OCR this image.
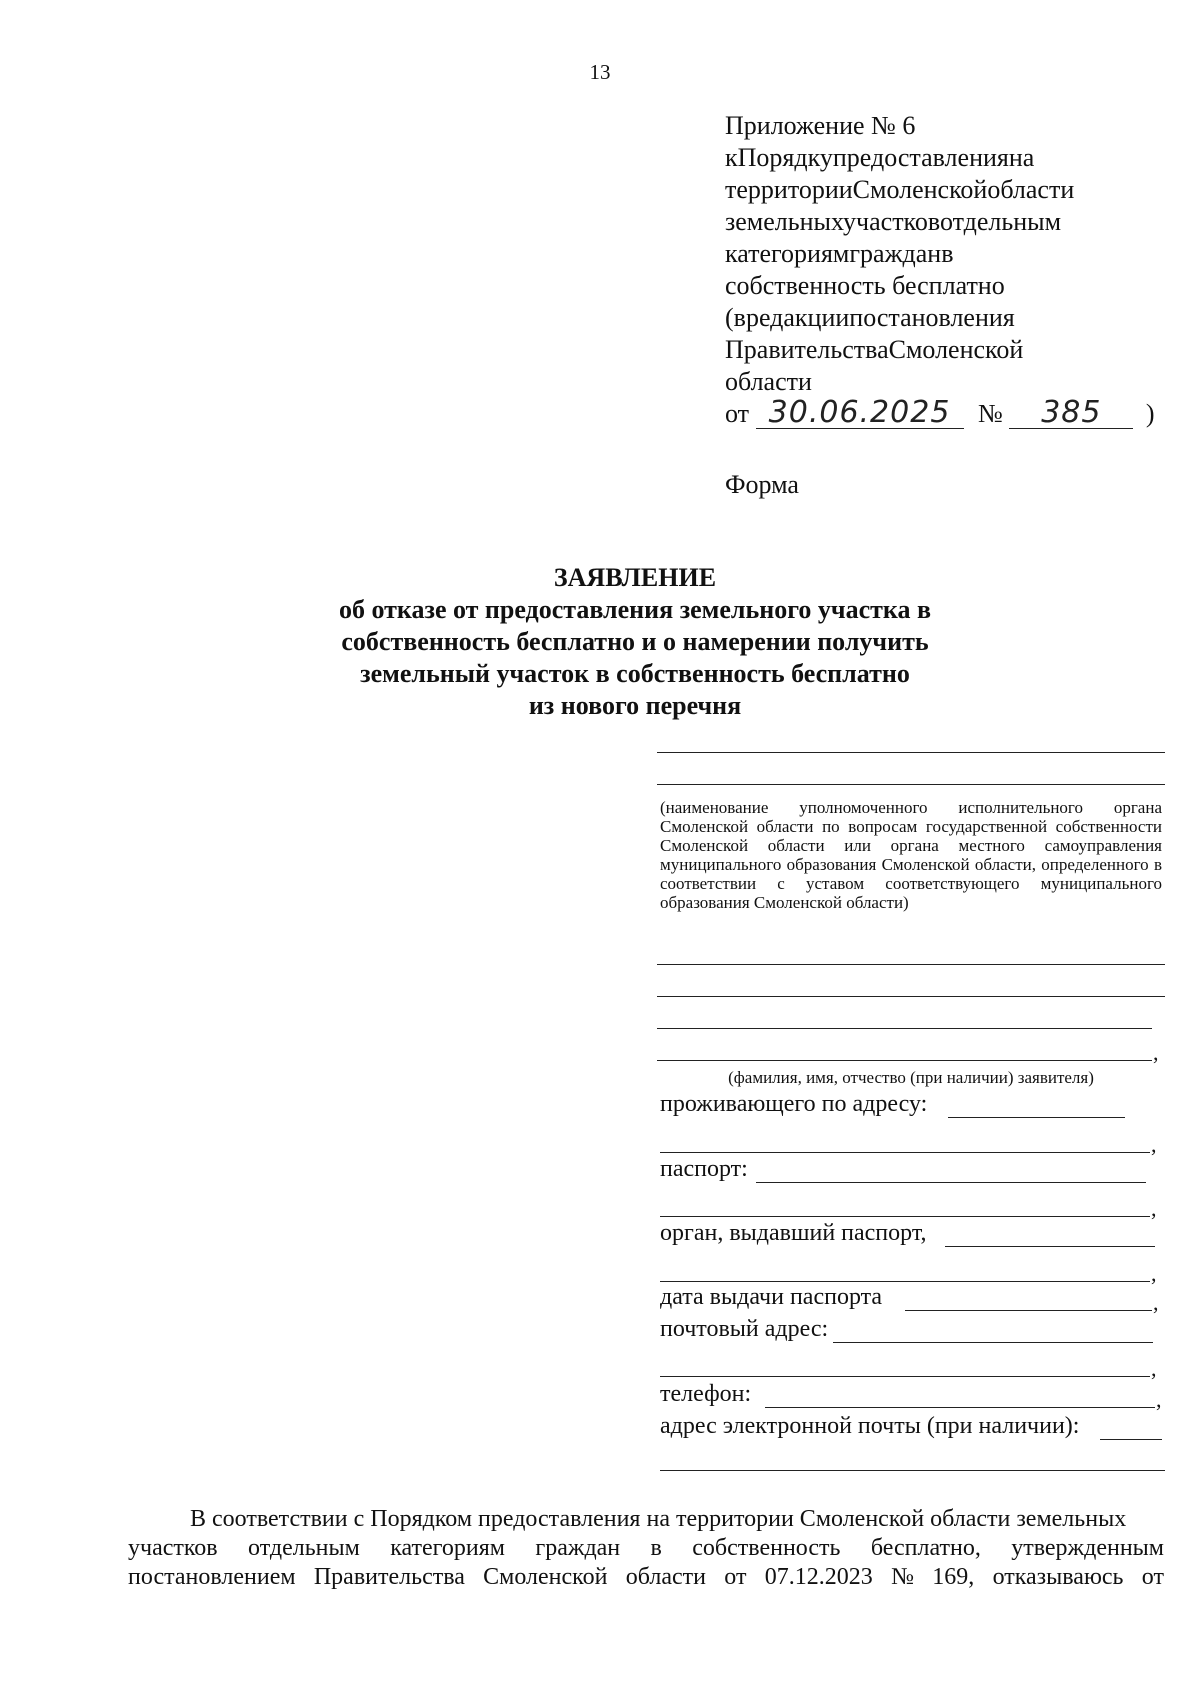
13
Приложение № 6
кПорядкупредоставленияна
территорииСмоленскойобласти
земельныхучастковотдельным
категориямгражданв
собственность бесплатно
(вредакциипостановления
ПравительстваСмоленской
области
от 30.06.2025 № 385 )
Форма
ЗАЯВЛЕНИЕ
об отказе от предоставления земельного участка в
собственность бесплатно и о намерении получить
земельный участок в собственность бесплатно
из нового перечня
(наименование уполномоченного исполнительного органа Смоленской области по вопросам государственной собственности Смоленской области или органа местного самоуправления муниципального образования Смоленской области, определенного в соответствии с уставом соответствующего муниципального образования Смоленской области)
,
(фамилия, имя, отчество (при наличии) заявителя)
проживающего по адресу:
,
паспорт:
,
орган, выдавший паспорт,
,
дата выдачи паспорта	,
почтовый адрес:
,
телефон:	,
адрес электронной почты (при наличии):
В соответствии с Порядком предоставления на территории Смоленской области земельных
участков отдельным категориям граждан в собственность бесплатно, утвержденным
постановлением Правительства Смоленской области от 07.12.2023 № 169, отказываюсь от
